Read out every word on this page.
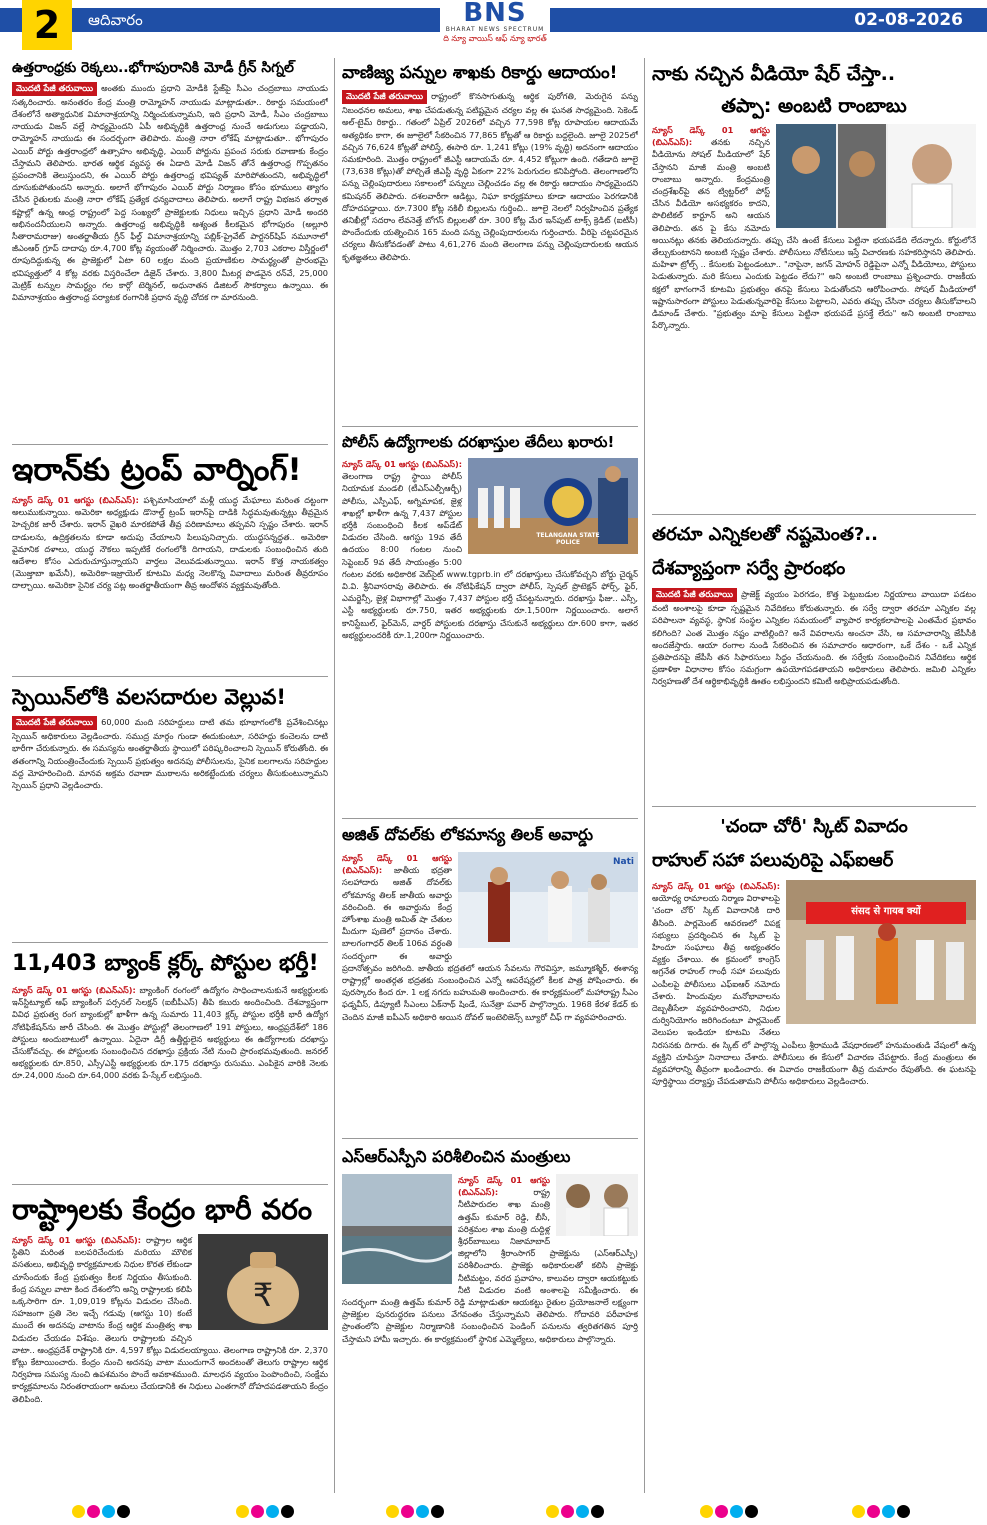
2	ఆదివారం	BNS
BHARAT NEWS SPECTRUM
ది న్యూ వాయిస్ ఆఫ్ న్యూ భారత్
02-08-2026
ఉత్తరాంధ్రకు రెక్కలు..భోగాపురానికి మోడీ గ్రీన్ సిగ్నల్
మొదటి పేజీ తరువాయి అంతకు ముందు ప్రధాని మోడీకి స్టేజ్‌పై సీఎం చంద్రబాబు నాయుడు సత్కరించారు. అనంతరం కేంద్ర మంత్రి రామ్మోహన్ నాయుడు మాట్లాడుతూ.. రికార్డు సమయంలో దేశంలోనే అత్యాధునిక విమానాశ్రయాన్ని నిర్మించుకున్నామని, ఇది ప్రధాని మోడీ, సీఎం చంద్రబాబు నాయుడు విజన్ వల్లే సాధ్యమైందని ఏపీ అభివృద్ధికి ఉత్తరాంధ్ర నుంచే అడుగులు పడ్డాయని, రామ్మోహన్ నాయుడు ఈ సందర్భంగా తెలిపారు. మంత్రి నారా లోకేష్ మాట్లాడుతూ.. భోగాపురం ఎయిర్ పోర్టు ఉత్తరాంధ్రలో ఉత్సాహం అభివృద్ధి, ఎయిర్ పోర్టును ప్రపంచ సరుకు రవాణాకు కేంద్రం చేస్తామని తెలిపారు. భారత ఆర్థిక వ్యవస్థ ఈ ఏడాది మోడీ విజన్ తోనే ఉత్తరాంధ్ర గొప్పతనం ప్రపంచానికి తెలుస్తుందని, ఈ ఎయిర్ పోర్టు ఉత్తరాంధ్ర భవిష్యత్ మారిపోతుందని, అభివృద్ధిలో దూసుకుపోతుందని అన్నారు. అలాగే భోగాపురం ఎయిర్ పోర్టు నిర్మాణం కోసం భూములు త్యాగం చేసిన రైతులకు మంత్రి నారా లోకేష్ ప్రత్యేక ధన్యవాదాలు తెలిపారు. అలాగే రాష్ట్ర విభజన తర్వాత కష్టాల్లో ఉన్న ఆంధ్ర రాష్ట్రంలో పెద్ద సంఖ్యలో ప్రాజెక్టులకు నిధులు ఇచ్చిన ప్రధాని మోడీ అందరి అభినందనీయులని అన్నారు. ఉత్తరాంధ్ర అభివృద్ధికి ఆశ్యంత కీలకమైన భోగాపురం (అల్లూరి సీతారామరాజు) అంతర్జాతీయ గ్రీన్ ఫీల్డ్ విమానాశ్రయాన్ని పబ్లిక్-ప్రైవేట్ పార్టనర్‌షిప్ నమూనాలో జీఎంఆర్ గ్రూప్ దాదాపు రూ.4,700 కోట్ల వ్యయంతో నిర్మించారు. మొత్తం 2,703 ఎకరాల విస్తీర్ణంలో రూపుదిద్దుకున్న ఈ ప్రాజెక్టులో ఏటా 60 లక్షల మంది ప్రయాణికుల సామర్థ్యంతో ప్రారంభమై భవిష్యత్తులో 4 కోట్ల వరకు విస్తరించేలా డిజైన్ చేశారు. 3,800 మీటర్ల పొడవైన రన్‌వే, 25,000 మెట్రిక్ టన్నుల సామర్థ్యం గల కార్గో టెర్మినల్, అధునాతన డిజిటల్ సౌకర్యాలు ఉన్నాయి. ఈ విమానాశ్రయం ఉత్తరాంధ్ర పర్యాటక రంగానికి ప్రధాన వృద్ధి చోదక గా మారనుంది.
ఇరాన్‌కు ట్రంప్ వార్నింగ్!
న్యూస్ డెస్క్ 01 ఆగస్టు (బిఎన్ఎస్): పశ్చిమాసియాలో మళ్లీ యుద్ధ మేఘాలు మరింత దట్టంగా అలుముకున్నాయి. అమెరికా అధ్యక్షుడు డొనాల్డ్ ట్రంప్ ఇరాన్‌పై దాడికి సిద్ధమవుతున్నట్లు తీవ్రమైన హెచ్చరిక జారీ చేశారు. ఇరాన్ వైఖరి మారకపోతే తీవ్ర పరిణామాలు తప్పవని స్పష్టం చేశారు. ఇరాన్ దాడులను, ఉద్రిక్తతలను కూడా అదుపు చేయాలని పిలుపునిచ్చారు. యుద్ధసన్నద్ధత.. అమెరికా వైమానిక దళాలు, యుద్ధ నౌకలు ఇప్పటికే రంగంలోకి దిగాయని, దాడులకు సంబంధించిన తుది ఆదేశాల కోసం ఎదురుచూస్తున్నాయని వార్తలు వెలువడుతున్నాయి. ఇరాన్ కొత్త నాయకత్వం (మొజ్తాబా ఖమేనీ), అమెరికా-ఇజ్రాయెల్ కూటమి మధ్య నెలకొన్న వివాదాలు మరింత తీవ్రరూపం దాల్చాయి. అమెరికా సైనిక చర్య పట్ల అంతర్జాతీయంగా తీవ్ర ఆందోళన వ్యక్తమవుతోంది.
స్పెయిన్‌లోకి వలసదారుల వెల్లువ!
మొదటి పేజీ తరువాయి 60,000 మంది సరిహద్దులు దాటి తమ భూభాగంలోకి ప్రవేశించినట్లు స్పెయిన్ అధికారులు వెల్లడించారు. సముద్ర మార్గం గుండా ఈదుకుంటూ, సరిహద్దు కంచెలను దాటి భారీగా చేరుకున్నారు. ఈ సమస్యను అంతర్జాతీయ స్థాయిలో పరిష్కరించాలని స్పెయిన్ కోరుతోంది. ఈ తతంగాన్ని నియంత్రించేందుకు స్పెయిన్ ప్రభుత్వం అదనపు పోలీసులను, సైనిక బలగాలను సరిహద్దుల వద్ద మోహరించింది. మానవ అక్రమ రవాణా ముఠాలను అరికట్టేందుకు చర్యలు తీసుకుంటున్నామని స్పెయిన్ ప్రధాని వెల్లడించారు.
11,403 బ్యాంక్ క్లర్క్ పోస్టుల భర్తీ!
న్యూస్ డెస్క్ 01 ఆగస్టు (బిఎన్ఎస్): బ్యాంకింగ్ రంగంలో ఉద్యోగం సాధించాలనుకునే అభ్యర్థులకు ఇన్‌స్టిట్యూట్ ఆఫ్ బ్యాంకింగ్ పర్సనల్ సెలక్షన్ (ఐబీపీఎస్) తీపి కబురు అందించింది. దేశవ్యాప్తంగా వివిధ ప్రభుత్వ రంగ బ్యాంకుల్లో ఖాళీగా ఉన్న సుమారు 11,403 క్లర్క్ పోస్టుల భర్తీకి భారీ ఉద్యోగ నోటిఫికేషన్‌ను జారీ చేసింది. ఈ మొత్తం పోస్టుల్లో తెలంగాణలో 191 పోస్టులు, ఆంధ్రప్రదేశ్‌లో 186 పోస్టులు అందుబాటులో ఉన్నాయి. ఏదైనా డిగ్రీ ఉత్తీర్ణులైన అభ్యర్థులు ఈ ఉద్యోగాలకు దరఖాస్తు చేసుకోవచ్చు. ఈ పోస్టులకు సంబంధించిన దరఖాస్తు ప్రక్రియ నేటి నుంచి ప్రారంభమవుతుంది. జనరల్ అభ్యర్థులకు రూ.850, ఎస్సీ/ఎస్టీ అభ్యర్థులకు రూ.175 దరఖాస్తు రుసుము. ఎంపికైన వారికి నెలకు రూ.24,000 నుంచి రూ.64,000 వరకు పే-స్కేల్ లభిస్తుంది.
రాష్ట్రాలకు కేంద్రం భారీ వరం
₹
న్యూస్ డెస్క్ 01 ఆగస్టు (బిఎన్ఎస్): రాష్ట్రాల ఆర్థిక స్థితిని మరింత బలపరిచేందుకు మరియు మౌలిక వసతులు, అభివృద్ధి కార్యక్రమాలకు నిధుల కొరత లేకుండా చూసేందుకు కేంద్ర ప్రభుత్వం కీలక నిర్ణయం తీసుకుంది. కేంద్ర పన్నుల వాటా కింద దేశంలోని అన్ని రాష్ట్రాలకు కలిపి ఒక్కసారిగా రూ. 1,09,019 కోట్లను విడుదల చేసింది. సహజంగా ప్రతి నెల ఇచ్చే గడువు (ఆగస్టు 10) కంటే ముందే ఈ అదనపు వాటాను కేంద్ర ఆర్థిక మంత్రిత్వ శాఖ విడుదల చేయడం విశేషం. తెలుగు రాష్ట్రాలకు వచ్చిన వాటా.. ఆంధ్రప్రదేశ్ రాష్ట్రానికి రూ. 4,597 కోట్లు విడుదలయ్యాయి. తెలంగాణ రాష్ట్రానికి రూ. 2,370 కోట్లు కేటాయించారు. కేంద్రం నుంచి అదనపు వాటా ముందుగానే అందటంతో తెలుగు రాష్ట్రాల ఆర్థిక నిర్వహణ సమస్య నుంచి ఉపశమనం పొందే అవకాశముంది. మాలధన వ్యయం పెంపొందించి, సంక్షేమ కార్యక్రమాలను నిరంతరాయంగా అమలు చేయడానికి ఈ నిధులు ఎంతగానో దోహదపడతాయని కేంద్రం తెలిపింది.
వాణిజ్య పన్నుల శాఖకు రికార్డు ఆదాయం!
మొదటి పేజీ తరువాయి రాష్ట్రంలో కొనసాగుతున్న ఆర్థిక పురోగతి, మెరుగైన పన్ను నిబంధనల అమలు, శాఖ చేపడుతున్న పటిష్టమైన చర్యల వల్ల ఈ ఘనత సాధ్యమైంది. సెకెండ్ అల్-టైమ్ రికార్డు.. గతంలో ఏప్రిల్ 2026లో వచ్చిన 77,598 కోట్ల రూపాయల ఆదాయమే అత్యధికం కాగా, ఈ జూలైలో సేకరించిన 77,865 కోట్లతో ఆ రికార్డు బద్దలైంది. జూలై 2025లో వచ్చిన 76,624 కోట్లతో పోలిస్తే, ఈసారి రూ. 1,241 కోట్లు (19% వృద్ధి) అదనంగా ఆదాయం సమకూరింది. మొత్తం రాష్ట్రంలో జీఎస్టీ ఆదాయమే రూ. 4,452 కోట్లుగా ఉంది. గతేడాది జూలై (73,638 కోట్లు)తో పోల్చితే జీఎస్టీ వృద్ధి ఏకంగా 22% పెరుగుదల కనిపిస్తోంది. తెలంగాణలోని పన్ను చెల్లింపుదారులు సకాలంలో పన్నులు చెల్లించడం వల్ల ఈ రికార్డు ఆదాయం సాధ్యమైందని కమిషనర్ తెలిపారు. దశలవారీగా ఆడిట్లు, నిఘా కార్యక్రమాలు కూడా ఆదాయం పెరగడానికి దోహదపడ్డాయి. రూ.7300 కోట్ల నకిలీ బిల్లులను గుర్తించి.. జూలై నెలలో నిర్వహించిన ప్రత్యేక తనిఖీల్లో సదరాం లేవనెత్తే బోగస్ బిల్లులతో రూ. 300 కోట్ల మేర ఇన్‌పుట్ టాక్స్ క్రెడిట్ (ఐటీసీ) పొందేందుకు యత్నించిన 165 మంది పన్ను చెల్లింపుదారులను గుర్తించారు. వీరిపై చట్టపరమైన చర్యలు తీసుకోవడంతో పాటు 4,61,276 మంది తెలంగాణ పన్ను చెల్లింపుదారులకు ఆయన కృతజ్ఞతలు తెలిపారు.
పోలీస్ ఉద్యోగాలకు దరఖాస్తుల తేదీలు ఖరారు!
TELANGANA STATE POLICE
న్యూస్ డెస్క్ 01 ఆగస్టు (బిఎన్ఎస్): తెలంగాణ రాష్ట్ర స్థాయి పోలీస్ నియామక మండలి (టీఎస్ఎల్పీఆర్బీ) పోలీసు, ఎస్పీఎఫ్, అగ్నిమాపక, జైళ్ల శాఖల్లో ఖాళీగా ఉన్న 7,437 పోస్టుల భర్తీకి సంబంధించి కీలక అప్‌డేట్ విడుదల చేసింది. ఆగస్టు 19వ తేదీ ఉదయం 8:00 గంటల నుంచి సెప్టెంబర్ 9వ తేదీ సాయంత్రం 5:00 గంటల వరకు అధికారిక వెబ్‌సైట్ www.tgprb.in లో దరఖాస్తులు చేసుకోవచ్చని బోర్డు చైర్మన్ వి.వి. శ్రీనివాసరావు తెలిపారు. ఈ నోటిఫికేషన్ ద్వారా పోలీస్, స్పెషల్ ప్రొటెక్షన్ ఫోర్స్, ఫైర్, ఎమర్జెన్సీ, జైళ్ల విభాగాల్లో మొత్తం 7,437 పోస్టుల భర్తీ చేపట్టనున్నారు. దరఖాస్తు ఫీజు.. ఎస్సీ, ఎస్టీ అభ్యర్థులకు రూ.750, ఇతర అభ్యర్థులకు రూ.1,500గా నిర్ణయించారు. అలాగే కానిస్టేబుల్, ఫైర్‌మెన్, వార్డర్ పోస్టులకు దరఖాస్తు చేసుకునే అభ్యర్థులు రూ.600 కాగా, ఇతర అభ్యర్థులందరికీ రూ.1,200గా నిర్ణయించారు.
అజిత్ దోవల్‌కు లోకమాన్య తిలక్ అవార్డు
Nati
న్యూస్ డెస్క్ 01 ఆగస్టు (బిఎన్ఎస్): జాతీయ భద్రతా సలహాదారు అజిత్ దోవల్‌కు లోకమాన్య తిలక్ జాతీయ అవార్డు వరించింది. ఈ అవార్డును కేంద్ర హోంశాఖ మంత్రి అమిత్ షా చేతుల మీదుగా పుణెలో ప్రదానం చేశారు. బాలగంగాధర్ తిలక్ 106వ వర్ధంతి సందర్భంగా ఈ అవార్డు ప్రదానోత్సవం జరిగింది. జాతీయ భద్రతలో ఆయన సేవలను గౌరవిస్తూ, జమ్మూకశ్మీర్, ఈశాన్య రాష్ట్రాల్లో అంతర్గత భద్రతకు సంబంధించిన ఎన్నో ఆపరేషన్లలో కీలక పాత్ర పోషించారు. ఈ పురస్కారం కింద రూ. 1 లక్ష నగదు బహుమతి అందించారు. ఈ కార్యక్రమంలో మహారాష్ట్ర సీఎం ఫడ్నవీస్, డిప్యూటీ సీఎంలు ఏక్‌నాథ్ షిండే, సునేత్రా పవార్ పాల్గొన్నారు. 1968 కేరళ కేడర్ కు చెందిన మాజీ ఐపీఎస్ అధికారి అయిన దోవల్ ఇంటెలిజెన్స్ బ్యూరో చీఫ్ గా వ్యవహరించారు.
ఎస్ఆర్ఎస్పీని పరిశీలించిన మంత్రులు
న్యూస్ డెస్క్ 01 ఆగస్టు (బిఎన్ఎస్):	రాష్ట్ర నీటిపారుదల శాఖ మంత్రి ఉత్తమ్ కుమార్ రెడ్డి, బీసీ, పరిశ్రమల శాఖ మంత్రి దుద్దిళ్ల శ్రీధర్‌బాబులు నిజామాబాద్ జిల్లాలోని శ్రీరాంసాగర్ ప్రాజెక్టును (ఎస్ఆర్ఎస్పీ) పరిశీలించారు. ప్రాజెక్టు అధికారులతో కలిసి ప్రాజెక్టు నీటిమట్టం, వరద ప్రవాహం, కాలువల ద్వారా ఆయకట్టుకు నీటి విడుదల వంటి అంశాలపై సమీక్షించారు. ఈ సందర్భంగా మంత్రి ఉత్తమ్ కుమార్ రెడ్డి మాట్లాడుతూ ఆయకట్టు రైతుల ప్రయోజనాలే లక్ష్యంగా ప్రాజెక్టుల పునరుద్ధరణ పనులు వేగవంతం చేస్తున్నామని తెలిపారు. గోదావరి పరీవాహక ప్రాంతంలోని ప్రాజెక్టుల నిర్మాణానికి సంబంధించిన పెండింగ్ పనులను త్వరితగతిన పూర్తి చేస్తామని హామీ ఇచ్చారు. ఈ కార్యక్రమంలో స్థానిక ఎమ్మెల్యేలు, అధికారులు పాల్గొన్నారు.
నాకు నచ్చిన వీడియో షేర్ చేస్తా..
తప్పా: అంబటి రాంబాబు
న్యూస్ డెస్క్ 01 ఆగస్టు (బిఎన్ఎస్): తనకు నచ్చిన వీడియోను సోషల్ మీడియాలో షేర్ చేస్తానని మాజీ మంత్రి అంబటి రాంబాబు అన్నారు. కేంద్రమంత్రి చంద్రశేఖర్‌పై తన ట్విట్టర్‌లో పోస్ట్ చేసిన వీడియో అసభ్యకరం కాదని, పొలిటికల్ కార్టూన్ అని ఆయన తెలిపారు. తన పై కేసు నమోదు అయినట్లు తనకు తెలియదన్నారు. తప్పు చేసి ఉంటే కేసులు పెట్టినా భయపడేది లేదన్నారు. కోర్టులోనే తేల్చుకుంటానని అంబటి స్పష్టం చేశారు. పోలీసులు నోటీసులు ఇస్తే విచారణకు సహకరిస్తానని తెలిపారు. మహిళా ట్రోల్స్ .. కేసులకు పెట్టండంటూ.. "నాపైనా, జగన్ మోహన్ రెడ్డిపైనా ఎన్నో వీడియోలు, పోస్టులు పెడుతున్నారు. మరి కేసులు ఎందుకు పెట్టడం లేదు?" అని అంబటి రాంబాబు ప్రశ్నించారు. రాజకీయ కక్షలో భాగంగానే కూటమి ప్రభుత్వం తనపై కేసులు పెడుతోందని ఆరోపించారు. సోషల్ మీడియాలో ఇష్టానుసారంగా పోస్టులు పెడుతున్నవారిపై కేసులు పెట్టాలని, ఎవరు తప్పు చేసినా చర్యలు తీసుకోవాలని డిమాండ్ చేశారు. "ప్రభుత్వం మాపై కేసులు పెట్టినా భయపడే ప్రసక్తే లేదు" అని అంబటి రాంబాబు పేర్కొన్నారు.
తరచూ ఎన్నికలతో నష్టమెంత?..
దేశవ్యాప్తంగా సర్వే ప్రారంభం
మొదటి పేజీ తరువాయి ప్రాజెక్ట్ వ్యయం పెరగడం, కొత్త పెట్టుబడుల నిర్ణయాలు వాయిదా పడటం వంటి అంశాలపై కూడా స్పష్టమైన నివేదికలు కోరుతున్నారు. ఈ సర్వే ద్వారా తరచూ ఎన్నికల వల్ల పరిపాలనా వ్యవస్థ, స్థానిక సంస్థల ఎన్నికల సమయంలో వ్యాపార కార్యకలాపాలపై ఎంతమేర ప్రభావం కలిగింది? ఎంత మొత్తం నష్టం వాటిల్లింది? అనే వివరాలను అంచనా వేసి, ఆ సమాచారాన్ని జేపీసీకి అందజేస్తారు. ఆయా రంగాల నుండి సేకరించిన ఈ సమాచారం ఆధారంగా, ఒకే దేశం - ఒకే ఎన్నిక ప్రతిపాదనపై జేపీసీ తన సిఫారసులు సిద్ధం చేయనుంది. ఈ సర్వేకు సంబంధించిన నివేదికలు ఆర్థిక ప్రణాళికా విధానాల కోసం సమగ్రంగా ఉపయోగపడతాయని అధికారులు తెలిపారు. జమిలి ఎన్నికల నిర్వహణతో దేశ ఆర్థికాభివృద్ధికి ఊతం లభిస్తుందని కమిటీ అభిప్రాయపడుతోంది.
'చందా చోరీ' స్కిట్ వివాదం
రాహుల్ సహా పలువురిపై ఎఫ్ఐఆర్
संसद से गायब क्यों
న్యూస్ డెస్క్ 01 ఆగస్టు (బిఎన్ఎస్): అయోధ్య రామాలయ నిర్మాణ విరాళాలపై 'చందా చోర్' స్కిట్ వివాదానికి దారి తీసింది. పార్లమెంట్ ఆవరణలో విపక్ష సభ్యులు ప్రదర్శించిన ఈ స్కిట్ పై హిందూ సంఘాలు తీవ్ర అభ్యంతరం వ్యక్తం చేశాయి. ఈ క్రమంలో కాంగ్రెస్ అగ్రనేత రాహుల్ గాంధీ సహా పలువురు ఎంపీలపై పోలీసులు ఎఫ్ఐఆర్ నమోదు చేశారు. హిందువుల మనోభావాలను దెబ్బతీసేలా వ్యవహరించారని, నిధుల దుర్వినియోగం జరిగిందంటూ పార్లమెంట్ వెలుపల ఇండియా కూటమి నేతలు నిరసనకు దిగారు. ఈ స్కిట్ లో పాల్గొన్న ఎంపీలు శ్రీరాముడి వేషధారణలో హనుమంతుడి వేషంలో ఉన్న వ్యక్తిని చూపిస్తూ నినాదాలు చేశారు. పోలీసులు ఈ కేసులో విచారణ చేపట్టారు. కేంద్ర మంత్రులు ఈ వ్యవహారాన్ని తీవ్రంగా ఖండించారు. ఈ వివాదం రాజకీయంగా తీవ్ర దుమారం రేపుతోంది. ఈ ఘటనపై పూర్తిస్థాయి దర్యాప్తు చేపడుతామని పోలీసు అధికారులు వెల్లడించారు.
